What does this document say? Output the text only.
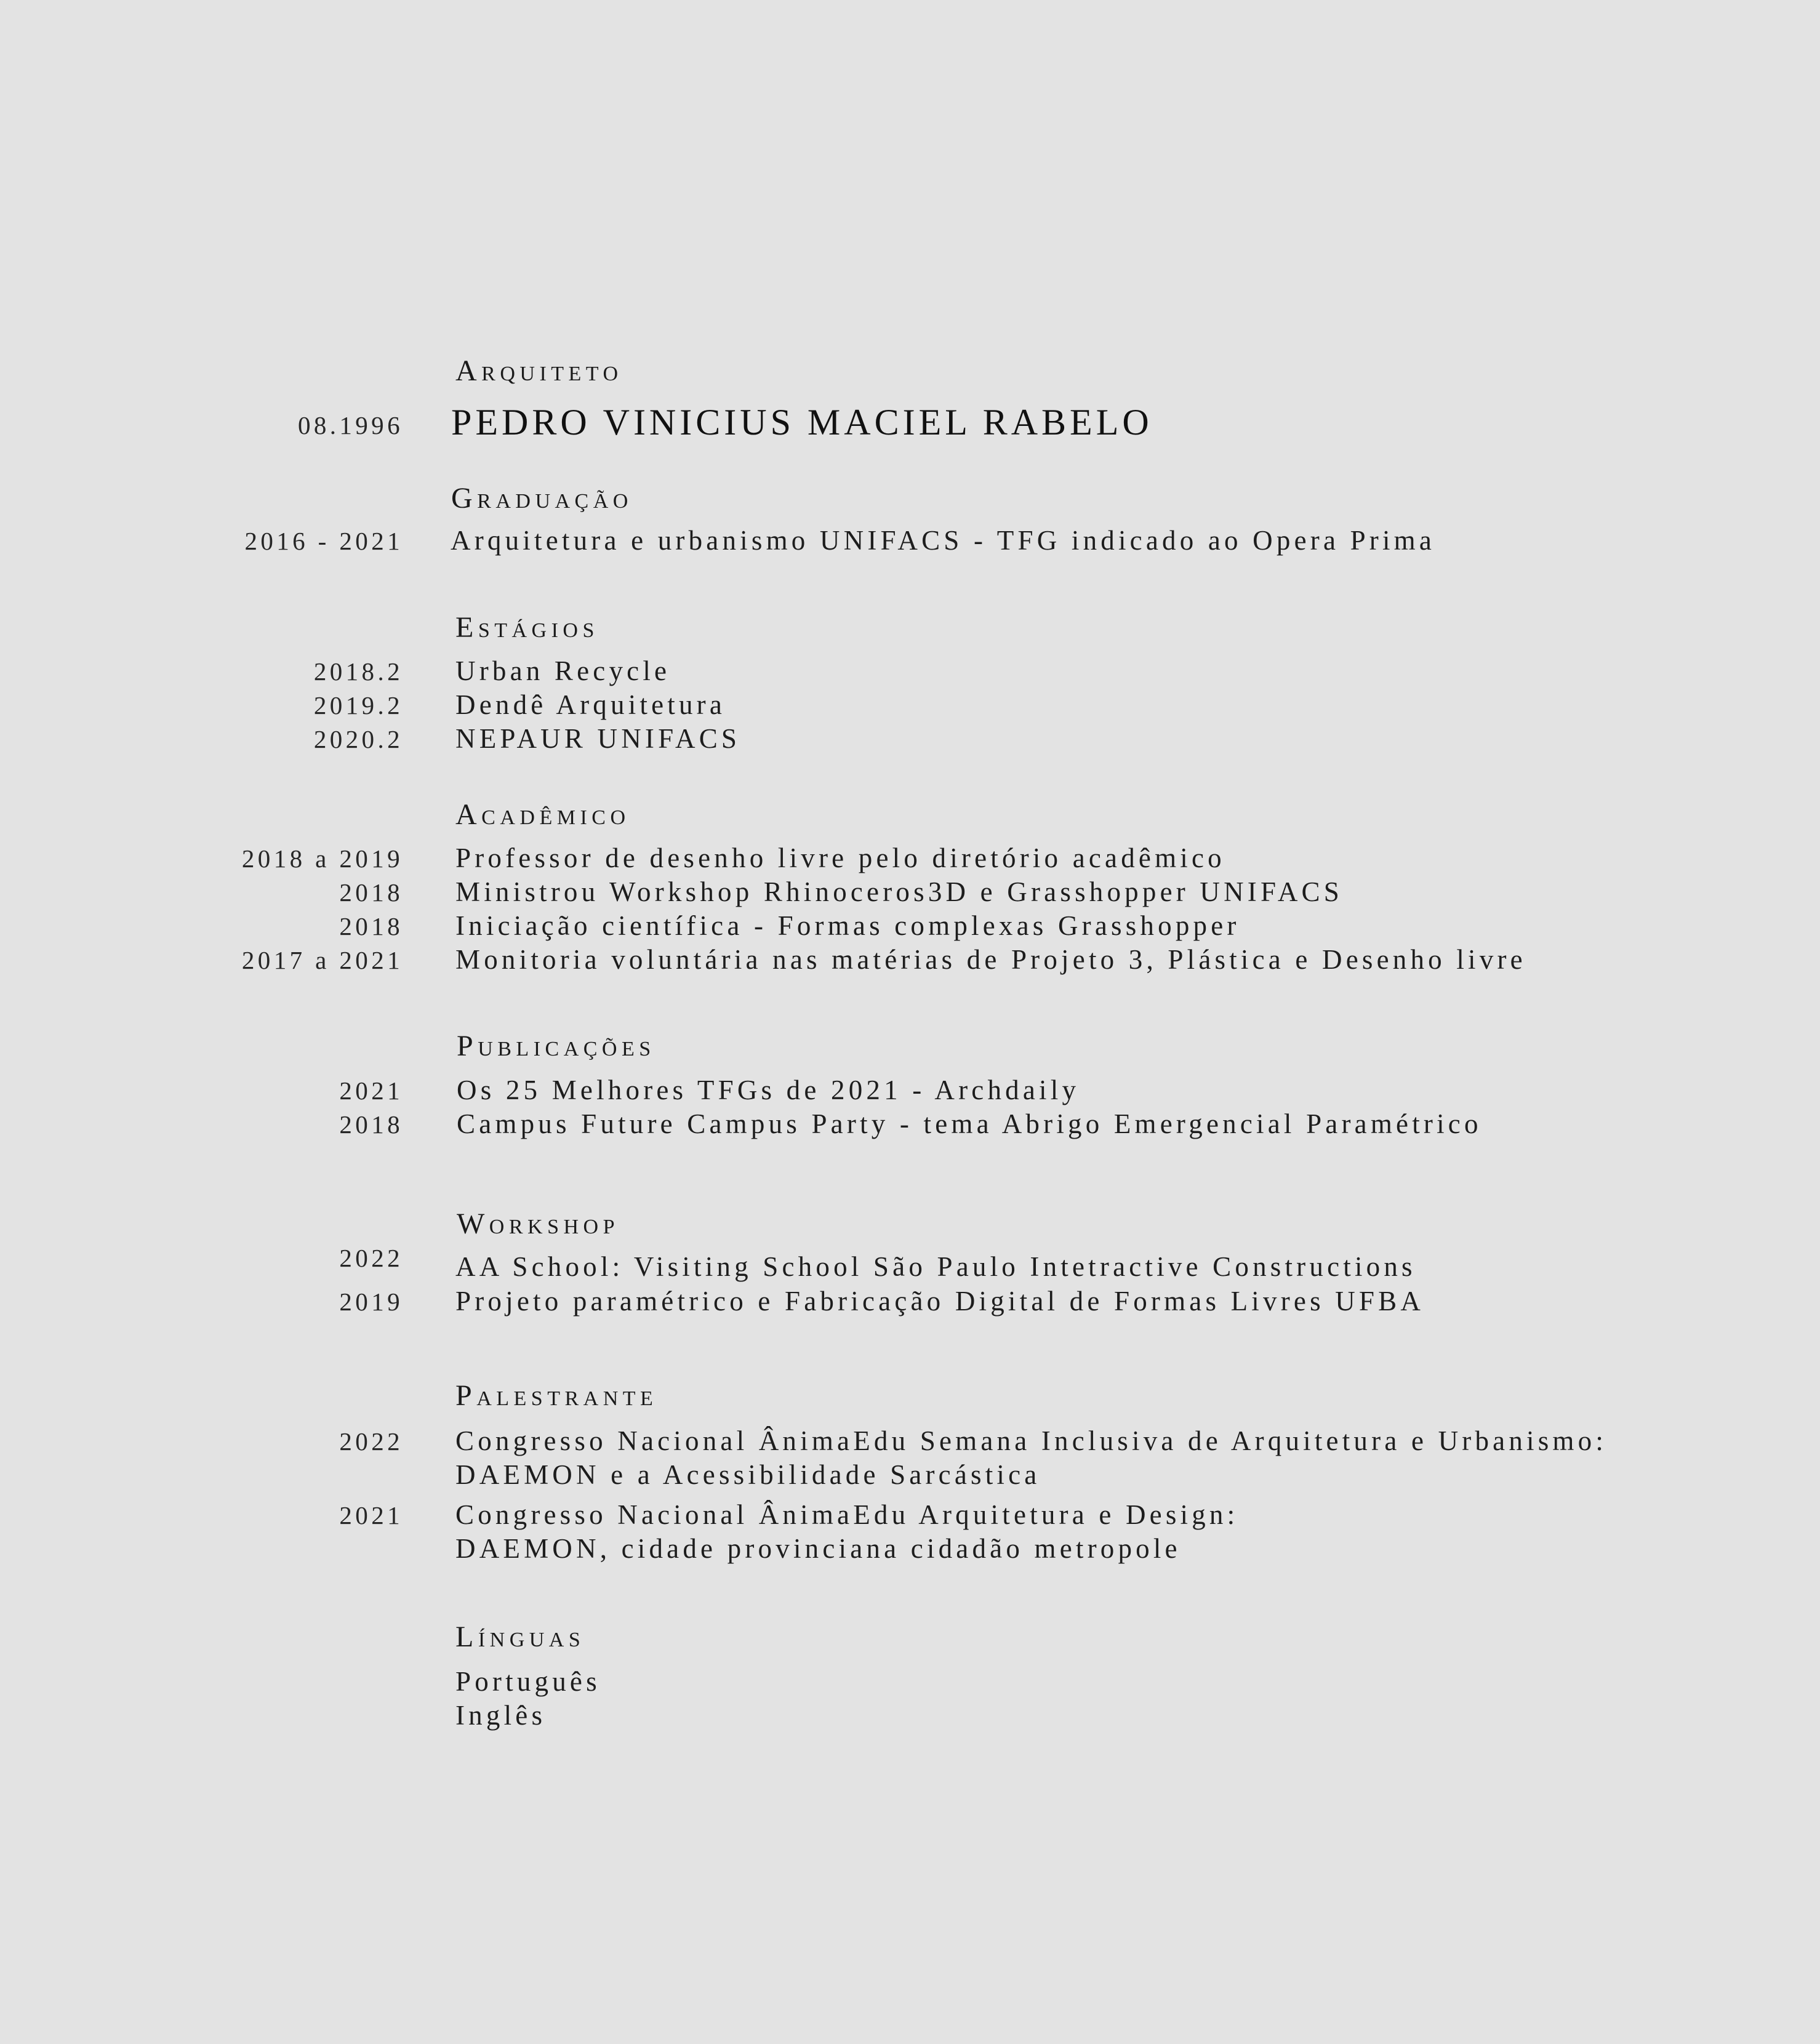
Arquiteto
08.1996 PEDRO VINICIUS MACIEL RABELO
Graduação
2016 - 2021 Arquitetura e urbanismo UNIFACS - TFG indicado ao Opera Prima
Estágios
2018.2 Urban Recycle
2019.2 Dendê Arquitetura
2020.2 NEPAUR UNIFACS
Acadêmico
2018 a 2019 Professor de desenho livre pelo diretório acadêmico
2018 Ministrou Workshop Rhinoceros3D e Grasshopper UNIFACS
2018 Iniciação científica - Formas complexas Grasshopper
2017 a 2021 Monitoria voluntária nas matérias de Projeto 3, Plástica e Desenho livre
Publicações
2021 Os 25 Melhores TFGs de 2021 - Archdaily
2018 Campus Future Campus Party - tema Abrigo Emergencial Paramétrico
Workshop
2022 AA School: Visiting School São Paulo Intetractive Constructions
2019 Projeto paramétrico e Fabricação Digital de Formas Livres UFBA
Palestrante
2022 Congresso Nacional ÂnimaEdu Semana Inclusiva de Arquitetura e Urbanismo:
DAEMON e a Acessibilidade Sarcástica
2021 Congresso Nacional ÂnimaEdu Arquitetura e Design:
DAEMON, cidade provinciana cidadão metropole
Línguas
Português
Inglês
